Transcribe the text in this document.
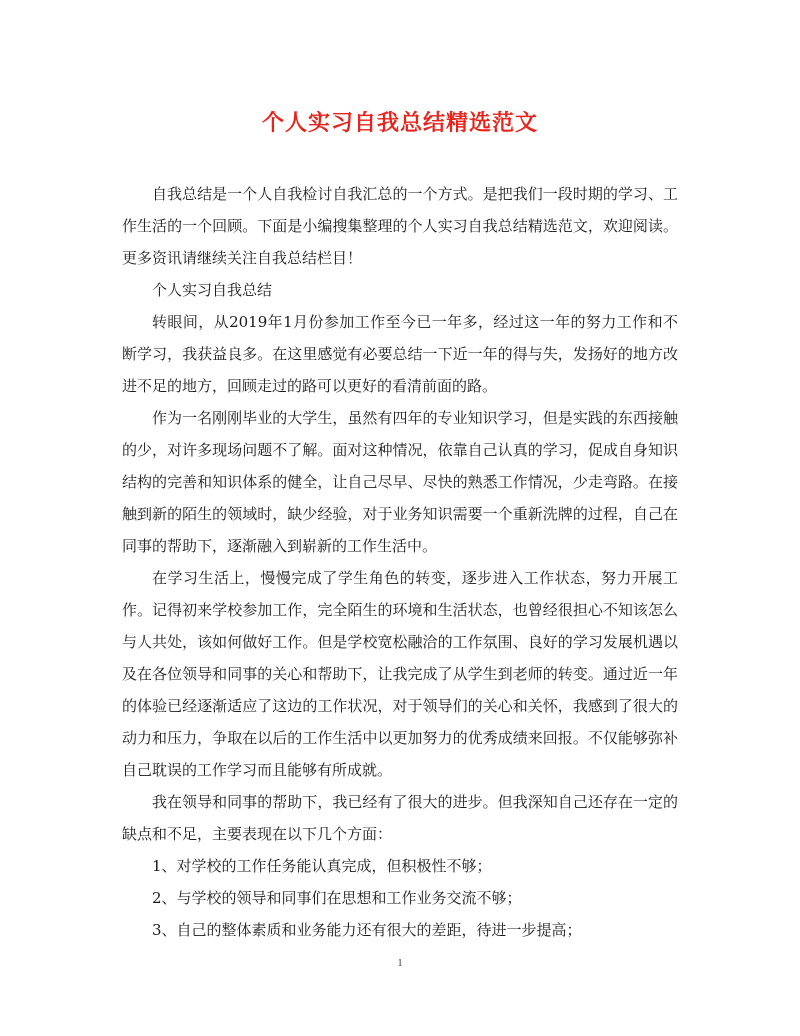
个人实习自我总结精选范文

自我总结是一个人自我检讨自我汇总的一个方式。是把我们一段时期的学习、工作生活的一个回顾。下面是小编搜集整理的个人实习自我总结精选范文，欢迎阅读。更多资讯请继续关注自我总结栏目！

个人实习自我总结

转眼间，从2019年1月份参加工作至今已一年多，经过这一年的努力工作和不断学习，我获益良多。在这里感觉有必要总结一下近一年的得与失，发扬好的地方改进不足的地方，回顾走过的路可以更好的看清前面的路。

作为一名刚刚毕业的大学生，虽然有四年的专业知识学习，但是实践的东西接触的少，对许多现场问题不了解。面对这种情况，依靠自己认真的学习，促成自身知识结构的完善和知识体系的健全，让自己尽早、尽快的熟悉工作情况，少走弯路。在接触到新的陌生的领域时，缺少经验，对于业务知识需要一个重新洗牌的过程，自己在同事的帮助下，逐渐融入到崭新的工作生活中。

在学习生活上，慢慢完成了学生角色的转变，逐步进入工作状态，努力开展工作。记得初来学校参加工作，完全陌生的环境和生活状态，也曾经很担心不知该怎么与人共处，该如何做好工作。但是学校宽松融洽的工作氛围、良好的学习发展机遇以及在各位领导和同事的关心和帮助下，让我完成了从学生到老师的转变。通过近一年的体验已经逐渐适应了这边的工作状况，对于领导们的关心和关怀，我感到了很大的动力和压力，争取在以后的工作生活中以更加努力的优秀成绩来回报。不仅能够弥补自己耽误的工作学习而且能够有所成就。

我在领导和同事的帮助下，我已经有了很大的进步。但我深知自己还存在一定的缺点和不足，主要表现在以下几个方面：

1、对学校的工作任务能认真完成，但积极性不够；

2、与学校的领导和同事们在思想和工作业务交流不够；

3、自己的整体素质和业务能力还有很大的差距，待进一步提高；

1
